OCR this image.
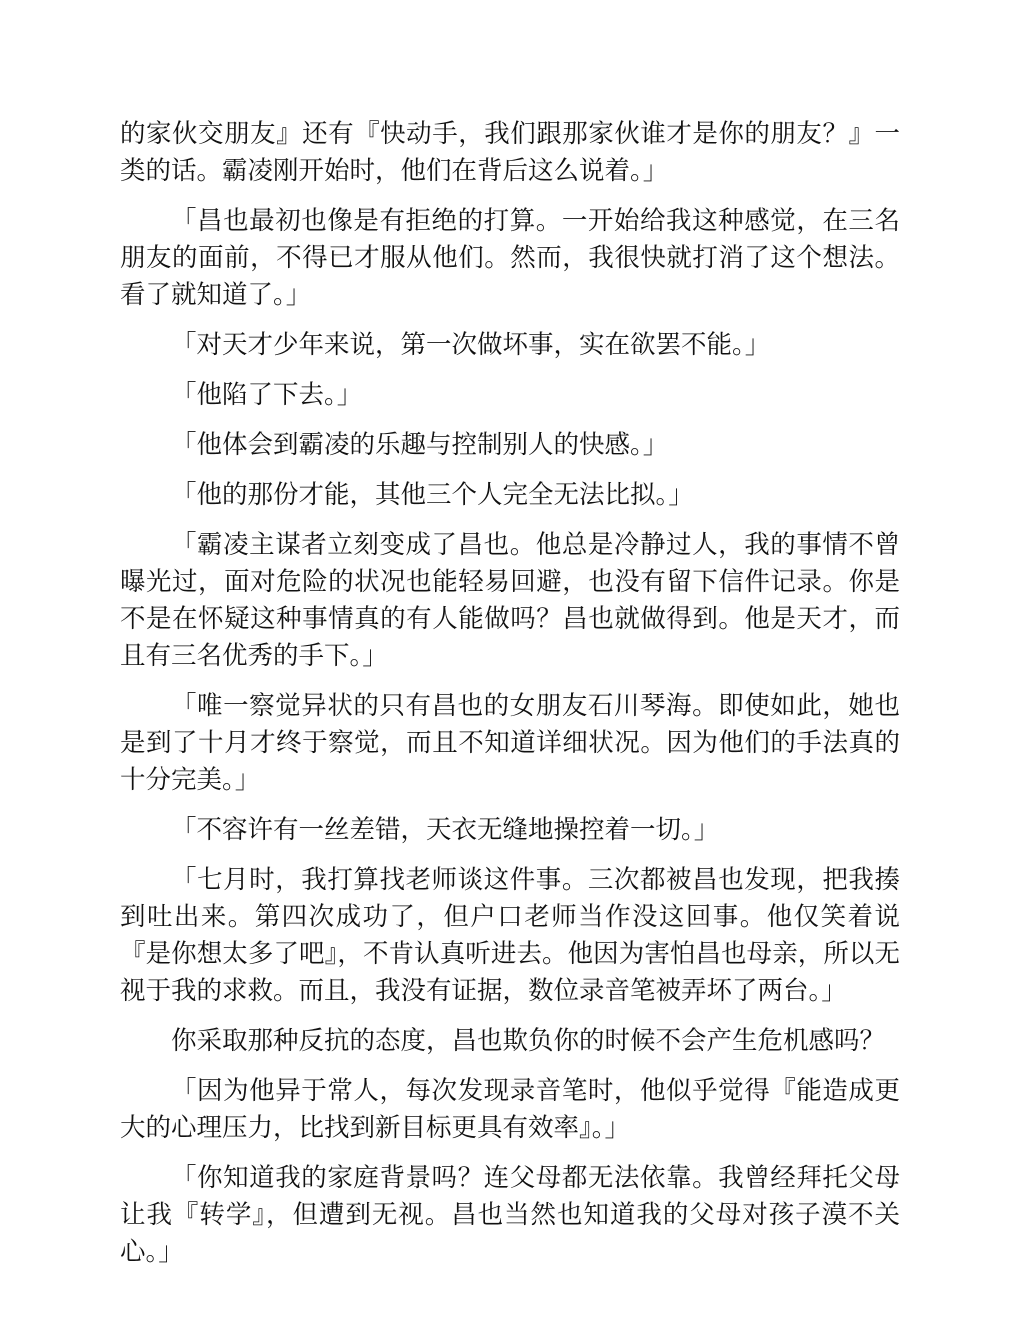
的家伙交朋友』还有『快动手，我们跟那家伙谁才是你的朋友？』一类的话。霸凌刚开始时，他们在背后这么说着。」

「昌也最初也像是有拒绝的打算。一开始给我这种感觉，在三名朋友的面前，不得已才服从他们。然而，我很快就打消了这个想法。看了就知道了。」

「对天才少年来说，第一次做坏事，实在欲罢不能。」

「他陷了下去。」

「他体会到霸凌的乐趣与控制别人的快感。」

「他的那份才能，其他三个人完全无法比拟。」

「霸凌主谋者立刻变成了昌也。他总是冷静过人，我的事情不曾曝光过，面对危险的状况也能轻易回避，也没有留下信件记录。你是不是在怀疑这种事情真的有人能做吗？昌也就做得到。他是天才，而且有三名优秀的手下。」

「唯一察觉异状的只有昌也的女朋友石川琴海。即使如此，她也是到了十月才终于察觉，而且不知道详细状况。因为他们的手法真的十分完美。」

「不容许有一丝差错，天衣无缝地操控着一切。」

「七月时，我打算找老师谈这件事。三次都被昌也发现，把我揍到吐出来。第四次成功了，但户口老师当作没这回事。他仅笑着说『是你想太多了吧』，不肯认真听进去。他因为害怕昌也母亲，所以无视于我的求救。而且，我没有证据，数位录音笔被弄坏了两台。」

你采取那种反抗的态度，昌也欺负你的时候不会产生危机感吗？

「因为他异于常人，每次发现录音笔时，他似乎觉得『能造成更大的心理压力，比找到新目标更具有效率』。」

「你知道我的家庭背景吗？连父母都无法依靠。我曾经拜托父母让我『转学』，但遭到无视。昌也当然也知道我的父母对孩子漠不关心。」
